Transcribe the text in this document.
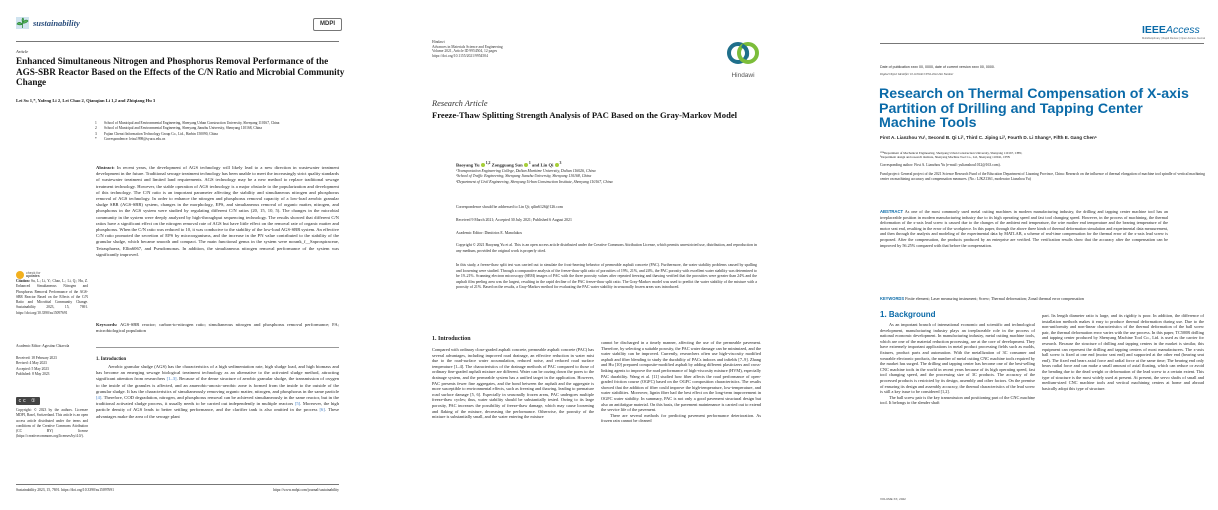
sustainability	MDPI
Article
Enhanced Simultaneous Nitrogen and Phosphorus Removal Performance of the AGS-SBR Reactor Based on the Effects of the C/N Ratio and Microbial Community Change
Lei Su 1,*, Yafeng Li 2, Lei Chao 2, Qianqian Li 1,2 and Zhiqiang Hu 3
1 School of Municipal and Environmental Engineering, Shenyang Urban Construction University, Shenyang 110167, China
2 School of Municipal and Environmental Engineering, Shenyang Jianzhu University, Shenyang 110168, China
3 Fujian Chenxi Information Technology Group Co., Ltd., Harbin 150090, China
* Correspondence: leisu1998@syucu.edu.cn
Abstract: In recent years, the development of AGS technology will likely lead to a new direction in wastewater treatment development in the future. Traditional sewage treatment technology has been unable to meet the increasingly strict quality standards of wastewater treatment and limited land requirements. AGS technology may be a new method to replace traditional sewage treatment technology. However, the stable operation of AGS technology is a major obstacle to the popularization and development of this technology. The C/N ratio is an important parameter affecting the stability and simultaneous nitrogen and phosphorus removal of AGS technology. In order to enhance the nitrogen and phosphorus removal capacity of a low-load aerobic granular sludge SBR (AGS-SBR) system, changes in the morphology, EPS, and simultaneous removal of organic matter, nitrogen, and phosphorus in the AGS system were studied by regulating different C/N ratios (20, 15, 10, 5). The changes in the microbial community in the system were deeply analyzed by high-throughput sequencing technology. The results showed that different C/N ratios have a significant effect on the nitrogen removal rate of AGS but have little effect on the removal rate of organic matter and phosphorus. When the C/N ratio was reduced to 10, it was conducive to the stability of the low-load AGS-SBR system. An effective C/N ratio promoted the secretion of EPS by microorganisms, and the increase in the PN value contributed to the stability of the granular sludge, which became smooth and compact. The main functional genus in the system were norank_f__Saprospiraceae, Tetrasphaera, Ellin6067, and Pseudomonas. In addition, the simultaneous nitrogen removal performance of the system was significantly improved.
Keywords: AGS-SBR reactor; carbon-to-nitrogen ratio; simultaneous nitrogen and phosphorus removal performance; FA; microbiological population
1. Introduction
Aerobic granular sludge (AGS) has the characteristics of a high sedimentation rate, high sludge load, and high biomass and has become an emerging sewage biological treatment technology as an alternative to the activated sludge method, attracting significant attention from researchers [1–3]. Because of the dense structure of aerobic granular sludge, the transmission of oxygen to the inside of the granules is affected, and an anaerobic-anoxic-aerobic zone is formed from the inside to the outside of the granular sludge. It has the characteristics of simultaneously removing organic matter, nitrogen, and phosphorus in the same particle [4]. Therefore, COD degradation, nitrogen, and phosphorus removal can be achieved simultaneously in the same reactor, but in the traditional activated sludge process, it usually needs to be carried out independently in multiple reactors [5]. Moreover, the high particle density of AGS leads to better settling performance, and the clarifier tank is also omitted in the process [6]. These advantages make the area of the sewage plant
check for
updates
Citation: Su, L.; Li, Y.; Chao, L.; Li, Q.; Hu, Z. Enhanced Simultaneous Nitrogen and Phosphorus Removal Performance of the AGS-SBR Reactor Based on the Effects of the C/N Ratio and Microbial Community Change. Sustainability 2023, 15, 7691. https://doi.org/10.3390/su15097691
Academic Editor: Agostino Chiavola
Received: 18 February 2023
Revised: 4 May 2023
Accepted: 5 May 2023
Published: 8 May 2023
cc ①
Copyright: © 2023 by the authors. Licensee MDPI, Basel, Switzerland. This article is an open access article distributed under the terms and conditions of the Creative Commons Attribution (CC BY) license (https://creativecommons.org/licenses/by/4.0/).
Sustainability 2023, 15, 7691. https://doi.org/10.3390/su15097691	https://www.mdpi.com/journal/sustainability
Hindawi
Advances in Materials Science and Engineering
Volume 2021, Article ID 9954504, 12 pages
https://doi.org/10.1155/2021/9954504
Hindawi
Research Article
Freeze-Thaw Splitting Strength Analysis of PAC Based on the Gray-Markov Model
Baoyang Yu $^{1,2}$ Zongguang Sun $^1$ and Lin Qi $^3$
¹Transportation Engineering College, Dalian Maritime University, Dalian 116026, China
²School of Traffic Engineering, Shenyang Jianzhu University, Shenyang 110168, China
³Department of Civil Engineering, Shenyang Urban Construction Institute, Shenyang 110167, China
Correspondence should be addressed to Lin Qi; qilin6126@126.com
Received 9 March 2021; Accepted 30 July 2021; Published 6 August 2021
Academic Editor: Dimitrios E. Manolakos
Copyright © 2021 Baoyang Yu et al. This is an open access article distributed under the Creative Commons Attribution License, which permits unrestricted use, distribution, and reproduction in any medium, provided the original work is properly cited.
In this study, a freeze-thaw split test was carried out to simulate the frost-heaving behavior of permeable asphalt concrete (PAC). Furthermore, the water stability problems caused by spalling and loosening were studied. Through a comparative analysis of the freeze-thaw split ratio of porosities of 19%, 21%, and 24%, the PAC porosity with excellent water stability was determined to be 19–21%. Scanning electron microscopy (SEM) images of PAC with the three porosity values after repeated freezing and thawing verified that the porosities were greater than 24% and the asphalt film peeling area was the largest, resulting in the rapid decline of the PAC freeze-thaw split ratio. The Gray-Markov model was used to predict the water stability of the mixture with a porosity of 21%. Based on the results, a Gray-Markov method for evaluating the PAC water stability in seasonally frozen areas was introduced.
1. Introduction
Compared with ordinary close-graded asphalt concrete, permeable asphalt concrete (PAC) has several advantages, including improved road drainage, an effective reduction in water mist due to the road-surface water accumulation, reduced noise, and reduced road surface temperature [1–4]. The characteristics of the drainage methods of PAC compared to those of ordinary fine-graded asphalt mixture are different. Water can be oozing down the pores to the drainage system, and the permeable system has a unified target in the application. However, PAC presents fewer fine aggregates, and the bond between the asphalt and the aggregate is more susceptible to environmental effects, such as freezing and thawing, leading to premature road surface damage [5, 6]. Especially in seasonally frozen areas, PAC undergoes multiple freeze-thaw cycles; thus, water stability should be substantially tested. Owing to its large porosity, PAC increases the possibility of freeze-thaw damage, which may cause loosening and flaking of the mixture, decreasing the performance. Otherwise, the porosity of the mixture is substantially small, and the water entering the mixture

cannot be discharged in a timely manner, affecting the use of the permeable pavement. Therefore, by selecting a suitable porosity, the PAC water damage can be minimized, and the water stability can be improved. Currently, researchers often use high-viscosity modified asphalt and fiber blending to study the durability of PACs indoors and infields [7–9]. Zhang and Hu [10] prepared composite-modified asphalt by adding different plasticizers and cross-linking agents to improve the road performance of high-viscosity mixture (HVM), especially PAC durability. Wang et al. [11] studied how fiber affects the road performance of open-graded friction course (OGFC) based on the OGFC composition characteristics. The results showed that the addition of fiber could improve the high-temperature, low-temperature, and water stabilities. Moreover, lignin fiber had the best effect on the long-term improvement in OGFC water stability. In summary, PAC is not only a good pavement structural design but also an antifatigue material. On this basis, the pavement maintenance is carried out to extend the service life of the pavement.

There are several methods for predicting pavement performance deterioration. As frozen rain cannot be cleaned

IEEEAccess
Multidisciplinary | Rapid Review | Open Access Journal
Date of publication xxxx 00, 0000, date of current version xxxx 00, 0000.
Digital Object Identifier 10.1109/ACCESS.2022.Doi Number
Research on Thermal Compensation of X-axis Partition of Drilling and Tapping Center Machine Tools
First A. Lianzhou Yu¹, Second B. Qi Li², Third C. Jiping Li³, Fourth D. Li Shang⁴, Fifth E. Gang Chen⁵
¹²³⁴Department of Mechanical Engineering, Shenyang Urban Construction University, Shenyang 110167, CHN,
⁵Department design and research institute, Shenyang Machine Tool Co., Ltd, Shenyang 110041, CHN
Corresponding author: First A. Lianzhou Yu (e-mail: yulianzhou1012@163.com).
Fund project: General project of the 2021 Science Research Fund of the Education Department of Liaoning Province, China: Research on the influence of thermal elongation of machine tool spindle of vertical machining center on machining accuracy and compensation measures. (No.: LJKZ1361, moderator Lianzhou Yu)
ABSTRACT As one of the most commonly used metal cutting machines in modern manufacturing industry, the drilling and tapping center machine tool has an irreplaceable position in modern manufacturing industry due to its high operating speed and fast tool changing speed. However, in the process of machining, the thermal deformation of the x-axis lead screw is caused due to the changes of the ambient end temperature, the wire mother end temperature and the bearing temperature of the motor seat end, resulting in the error of the workpiece. In this paper, through the above three kinds of thermal deformation simulation and experimental data measurement, and then through the analysis and modeling of the experimental data by MATLAB, a scheme of real-time compensation for the thermal error of the x-axis lead screw is proposed. After the compensation, the products produced by an enterprise are verified. The verification results show that the accuracy after the compensation can be improved by 56.25% compared with that before the compensation.
KEYWORDS Finite element; Laser measuring instrument; Screw; Thermal deformation; Zonal thermal error compensation
1. Background

As an important branch of international economic and scientific and technological development, manufacturing industry plays an irreplaceable role in the process of national economic development. In manufacturing industry, metal cutting machine tools, which are one of the material reduction processing, are at the core of development. They have extremely important applications in metal product processing fields such as molds, fixtures, product parts and automation. With the metallization of 3C consumer and wearable electronic products, the number of metal cutting CNC machine tools required by the market has surged. The drilling and tapping center has become one of the best-selling CNC machine tools in the world in recent years because of its high operating speed, fast tool changing speed, and the processing size of 3C products. The accuracy of the processed products is restricted by its design, assembly and other factors. On the premise of ensuring its design and assembly accuracy, the thermal characteristics of the lead screw is still a key issue to be considered [1,2].

The ball screw pair is the key transmission and positioning part of the CNC machine tool. It belongs to the slender shaft

part. Its length diameter ratio is large, and its rigidity is poor. In addition, the difference of installation methods makes it easy to produce thermal deformation during use. Due to the non-uniformity and non-linear characteristics of the thermal deformation of the ball screw pair, the thermal deformation error varies with the use process. In this paper, TC500R drilling and tapping center produced by Shenyang Machine Tool Co., Ltd. is used as the carrier for research. Because the structure of drilling and tapping centers in the market is similar, this equipment can represent the drilling and tapping centers of most manufacturers. The x-axis ball screw is fixed at one end (motor seat end) and supported at the other end (bearing seat end). The fixed end bears axial force and radial force at the same time; The bearing end only bears radial force and can make a small amount of axial floating, which can reduce or avoid the bending due to the dead weight or deformation of the lead screw to a certain extent. This type of structure is the most widely used at present. At present, the servo shafts of small and medium-sized CNC machine tools and vertical machining centers at home and abroad basically adopt this type of structure.
VOLUME XX, 2022
